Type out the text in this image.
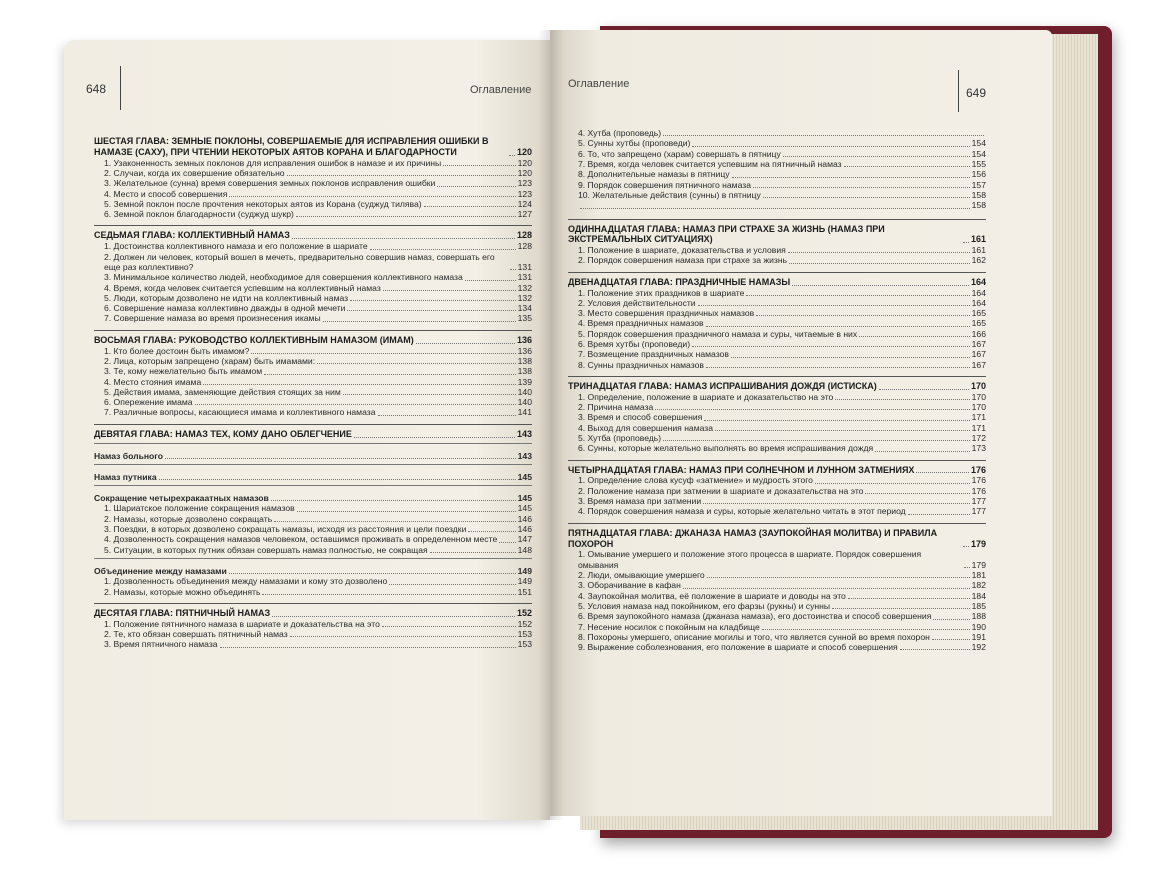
648	Оглавление	Оглавление
649
ШЕСТАЯ ГЛАВА: ЗЕМНЫЕ ПОКЛОНЫ, СОВЕРШАЕМЫЕ ДЛЯ ИСПРАВЛЕНИЯ ОШИБКИ В НАМАЗЕ (САХУ), ПРИ ЧТЕНИИ НЕКОТОРЫХ АЯТОВ КОРАНА И БЛАГОДАРНОСТИ	120
1. Узаконенность земных поклонов для исправления ошибок в намазе и их причины	120
2. Случаи, когда их совершение обязательно	120
3. Желательное (сунна) время совершения земных поклонов исправления ошибки	123
4. Место и способ совершения	123
5. Земной поклон после прочтения некоторых аятов из Корана (суджуд тилява)	124
6. Земной поклон благодарности (суджуд шукр)	127
СЕДЬМАЯ ГЛАВА: КОЛЛЕКТИВНЫЙ НАМАЗ	128
1. Достоинства коллективного намаза и его положение в шариате	128
2. Должен ли человек, который вошел в мечеть, предварительно совершив намаз, совершать его еще раз коллективно?	131
3. Минимальное количество людей, необходимое для совершения коллективного намаза	131
4. Время, когда человек считается успевшим на коллективный намаз	132
5. Люди, которым дозволено не идти на коллективный намаз	132
6. Совершение намаза коллективно дважды в одной мечети	134
7. Совершение намаза во время произнесения икамы	135
ВОСЬМАЯ ГЛАВА: РУКОВОДСТВО КОЛЛЕКТИВНЫМ НАМАЗОМ (ИМАМ)	136
1. Кто более достоин быть имамом?	136
2. Лица, которым запрещено (харам) быть имамами:	138
3. Те, кому нежелательно быть имамом	138
4. Место стояния имама	139
5. Действия имама, заменяющие действия стоящих за ним	140
6. Опережение имама	140
7. Различные вопросы, касающиеся имама и коллективного намаза	141
ДЕВЯТАЯ ГЛАВА: НАМАЗ ТЕХ, КОМУ ДАНО ОБЛЕГЧЕНИЕ	143
Намаз больного	143
Намаз путника	145
Сокращение четырехракаатных намазов	145
1. Шариатское положение сокращения намазов	145
2. Намазы, которые дозволено сокращать	146
3. Поездки, в которых дозволено сокращать намазы, исходя из расстояния и цели поездки	146
4. Дозволенность сокращения намазов человеком, оставшимся проживать в определенном месте 147
5. Ситуации, в которых путник обязан совершать намаз полностью, не сокращая	148
Объединение между намазами	149
1. Дозволенность объединения между намазами и кому это дозволено	149
2. Намазы, которые можно объединять	151
ДЕСЯТАЯ ГЛАВА: ПЯТНИЧНЫЙ НАМАЗ	152
1. Положение пятничного намаза в шариате и доказательства на это	152
2. Те, кто обязан совершать пятничный намаз	153
3. Время пятничного намаза	153
4. Хутба (проповедь)
5. Сунны хутбы (проповеди)	154
6. То, что запрещено (харам) совершать в пятницу	154
7. Время, когда человек считается успевшим на пятничный намаз	155
8. Дополнительные намазы в пятницу	156
9. Порядок совершения пятничного намаза	157
10. Желательные действия (сунны) в пятницу	158
158
ОДИННАДЦАТАЯ ГЛАВА: НАМАЗ ПРИ СТРАХЕ ЗА ЖИЗНЬ (НАМАЗ ПРИ ЭКСТРЕМАЛЬНЫХ СИТУАЦИЯХ)	161
1. Положение в шариате, доказательства и условия	161
2. Порядок совершения намаза при страхе за жизнь	162
ДВЕНАДЦАТАЯ ГЛАВА: ПРАЗДНИЧНЫЕ НАМАЗЫ	164
1. Положение этих праздников в шариате	164
2. Условия действительности	164
3. Место совершения праздничных намазов	165
4. Время праздничных намазов	165
5. Порядок совершения праздничного намаза и суры, читаемые в них	166
6. Время хутбы (проповеди)	167
7. Возмещение праздничных намазов	167
8. Сунны праздничных намазов	167
ТРИНАДЦАТАЯ ГЛАВА: НАМАЗ ИСПРАШИВАНИЯ ДОЖДЯ (ИСТИСКА)	170
1. Определение, положение в шариате и доказательство на это	170
2. Причина намаза	170
3. Время и способ совершения	171
4. Выход для совершения намаза	171
5. Хутба (проповедь)	172
6. Сунны, которые желательно выполнять во время испрашивания дождя	173
ЧЕТЫРНАДЦАТАЯ ГЛАВА: НАМАЗ ПРИ СОЛНЕЧНОМ И ЛУННОМ ЗАТМЕНИЯХ	176
1. Определение слова кусуф «затмение» и мудрость этого	176
2. Положение намаза при затмении в шариате и доказательства на это	176
3. Время намаза при затмении	177
4. Порядок совершения намаза и суры, которые желательно читать в этот период	177
ПЯТНАДЦАТАЯ ГЛАВА: ДЖАНАЗА НАМАЗ (ЗАУПОКОЙНАЯ МОЛИТВА) И ПРАВИЛА ПОХОРОН	179
1. Омывание умершего и положение этого процесса в шариате. Порядок совершения омывания	179
2. Люди, омывающие умершего	181
3. Оборачивание в кафан	182
4. Заупокойная молитва, её положение в шариате и доводы на это	184
5. Условия намаза над покойником, его фарзы (рукны) и сунны	185
6. Время заупокойного намаза (джаназа намаза), его достоинства и способ совершения	188
7. Несение носилок с покойным на кладбище	190
8. Похороны умершего, описание могилы и того, что является сунной во время похорон	191
9. Выражение соболезнования, его положение в шариате и способ совершения	192
